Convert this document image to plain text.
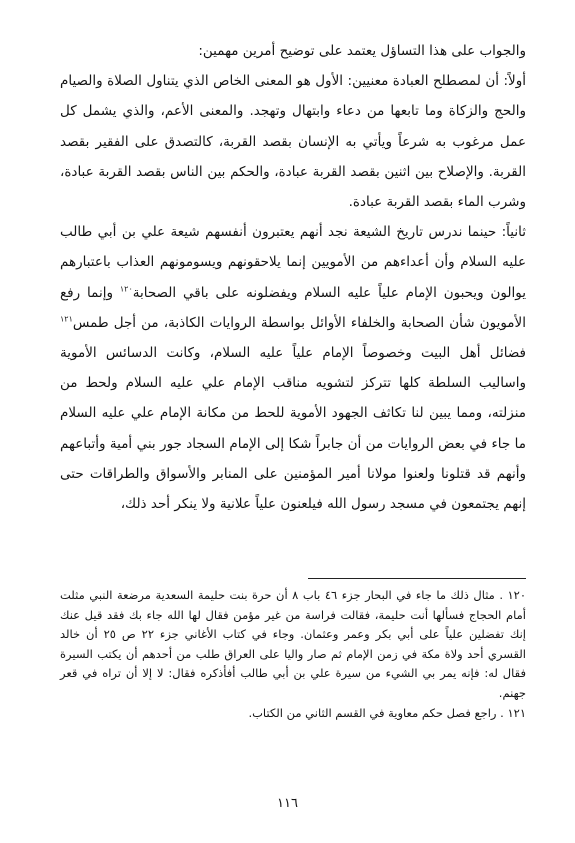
والجواب على هذا التساؤل يعتمد على توضيح أمرين مهمين:

أولاً: أن لمصطلح العبادة معنيين: الأول هو المعنى الخاص الذي يتناول الصلاة والصيام والحج والزكاة وما تابعها من دعاء وابتهال وتهجد. والمعنى الأعم، والذي يشمل كل عمل مرغوب به شرعاً ويأتي به الإنسان بقصد القربة، كالتصدق على الفقير بقصد القربة. والإصلاح بين اثنين بقصد القربة عبادة، والحكم بين الناس بقصد القربة عبادة، وشرب الماء بقصد القربة عبادة.

ثانياً: حينما ندرس تاريخ الشيعة نجد أنهم يعتبرون أنفسهم شيعة علي بن أبي طالب عليه السلام وأن أعداءهم من الأمويين إنما يلاحقونهم ويسومونهم العذاب باعتبارهم يوالون ويحبون الإمام علياً عليه السلام ويفضلونه على باقي الصحابة$^{١٢٠}$ وإنما رفع الأمويون شأن الصحابة والخلفاء الأوائل بواسطة الروايات الكاذبة، من أجل طمس$^{١٢١}$ فضائل أهل البيت وخصوصاً الإمام علياً عليه السلام، وكانت الدسائس الأموية واساليب السلطة كلها تتركز لتشويه مناقب الإمام علي عليه السلام ولحط من منزلته، ومما يبين لنا تكاثف الجهود الأموية للحط من مكانة الإمام علي عليه السلام ما جاء في بعض الروايات من أن جابراً شكا إلى الإمام السجاد جور بني أمية وأتباعهم وأنهم قد قتلونا ولعنوا مولانا أمير المؤمنين على المنابر والأسواق والطراقات حتى إنهم يجتمعون في مسجد رسول الله فيلعنون علياً علانية ولا ينكر أحد ذلك،

١٢٠ . مثال ذلك ما جاء في البحار جزء ٤٦ باب ٨ أن حرة بنت حليمة السعدية مرضعة النبي مثلت أمام الحجاج فسألها أنت حليمة، فقالت فراسة من غير مؤمن فقال لها الله جاء بك فقد قيل عنك إنك تفضلين علياً على أبي بكر وعمر وعثمان. وجاء في كتاب الأغاني جزء ٢٢ ص ٢٥ أن خالد القسري أحد ولاة مكة في زمن الإمام ثم صار واليا على العراق طلب من أحدهم أن يكتب السيرة فقال له: فإنه يمر بي الشيء من سيرة علي بن أبي طالب أفأذكره فقال: لا إلا أن تراه في قعر جهنم.

١٢١ . راجع فصل حكم معاوية في القسم الثاني من الكتاب.

١١٦
